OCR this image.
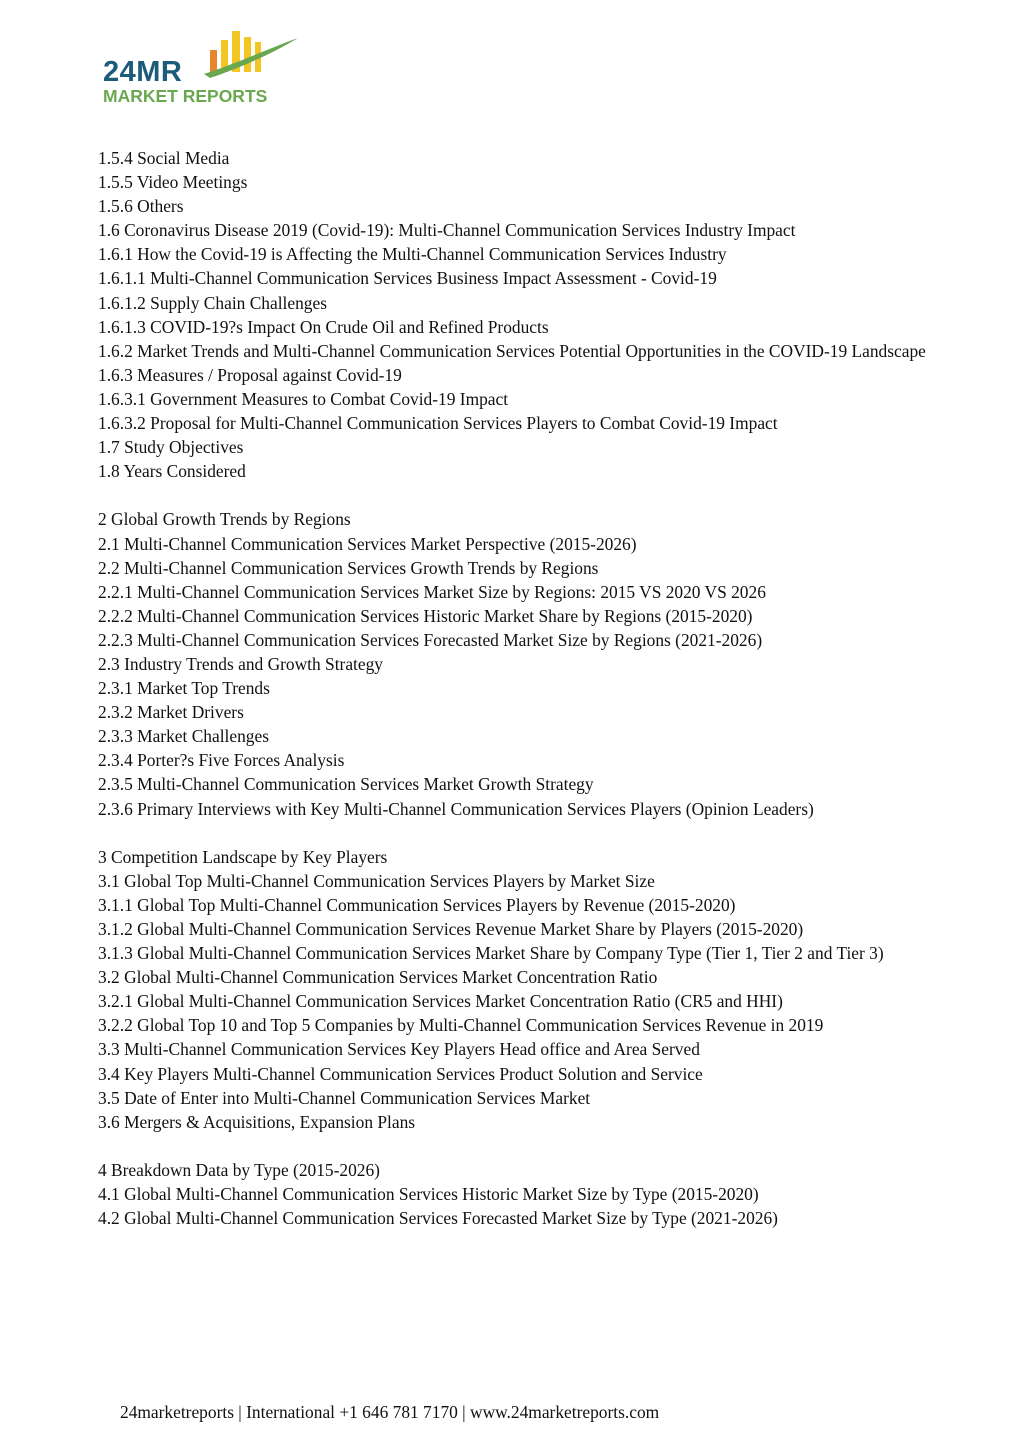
24MR
MARKET REPORTS
1.5.4 Social Media
1.5.5 Video Meetings
1.5.6 Others
1.6 Coronavirus Disease 2019 (Covid-19): Multi-Channel Communication Services Industry Impact
1.6.1 How the Covid-19 is Affecting the Multi-Channel Communication Services Industry
1.6.1.1 Multi-Channel Communication Services Business Impact Assessment - Covid-19
1.6.1.2 Supply Chain Challenges
1.6.1.3 COVID-19?s Impact On Crude Oil and Refined Products
1.6.2 Market Trends and Multi-Channel Communication Services Potential Opportunities in the COVID-19 Landscape
1.6.3 Measures / Proposal against Covid-19
1.6.3.1 Government Measures to Combat Covid-19 Impact
1.6.3.2 Proposal for Multi-Channel Communication Services Players to Combat Covid-19 Impact
1.7 Study Objectives
1.8 Years Considered
2 Global Growth Trends by Regions
2.1 Multi-Channel Communication Services Market Perspective (2015-2026)
2.2 Multi-Channel Communication Services Growth Trends by Regions
2.2.1 Multi-Channel Communication Services Market Size by Regions: 2015 VS 2020 VS 2026
2.2.2 Multi-Channel Communication Services Historic Market Share by Regions (2015-2020)
2.2.3 Multi-Channel Communication Services Forecasted Market Size by Regions (2021-2026)
2.3 Industry Trends and Growth Strategy
2.3.1 Market Top Trends
2.3.2 Market Drivers
2.3.3 Market Challenges
2.3.4 Porter?s Five Forces Analysis
2.3.5 Multi-Channel Communication Services Market Growth Strategy
2.3.6 Primary Interviews with Key Multi-Channel Communication Services Players (Opinion Leaders)
3 Competition Landscape by Key Players
3.1 Global Top Multi-Channel Communication Services Players by Market Size
3.1.1 Global Top Multi-Channel Communication Services Players by Revenue (2015-2020)
3.1.2 Global Multi-Channel Communication Services Revenue Market Share by Players (2015-2020)
3.1.3 Global Multi-Channel Communication Services Market Share by Company Type (Tier 1, Tier 2 and Tier 3)
3.2 Global Multi-Channel Communication Services Market Concentration Ratio
3.2.1 Global Multi-Channel Communication Services Market Concentration Ratio (CR5 and HHI)
3.2.2 Global Top 10 and Top 5 Companies by Multi-Channel Communication Services Revenue in 2019
3.3 Multi-Channel Communication Services Key Players Head office and Area Served
3.4 Key Players Multi-Channel Communication Services Product Solution and Service
3.5 Date of Enter into Multi-Channel Communication Services Market
3.6 Mergers & Acquisitions, Expansion Plans
4 Breakdown Data by Type (2015-2026)
4.1 Global Multi-Channel Communication Services Historic Market Size by Type (2015-2020)
4.2 Global Multi-Channel Communication Services Forecasted Market Size by Type (2021-2026)
24marketreports | International +1 646 781 7170 | www.24marketreports.com
